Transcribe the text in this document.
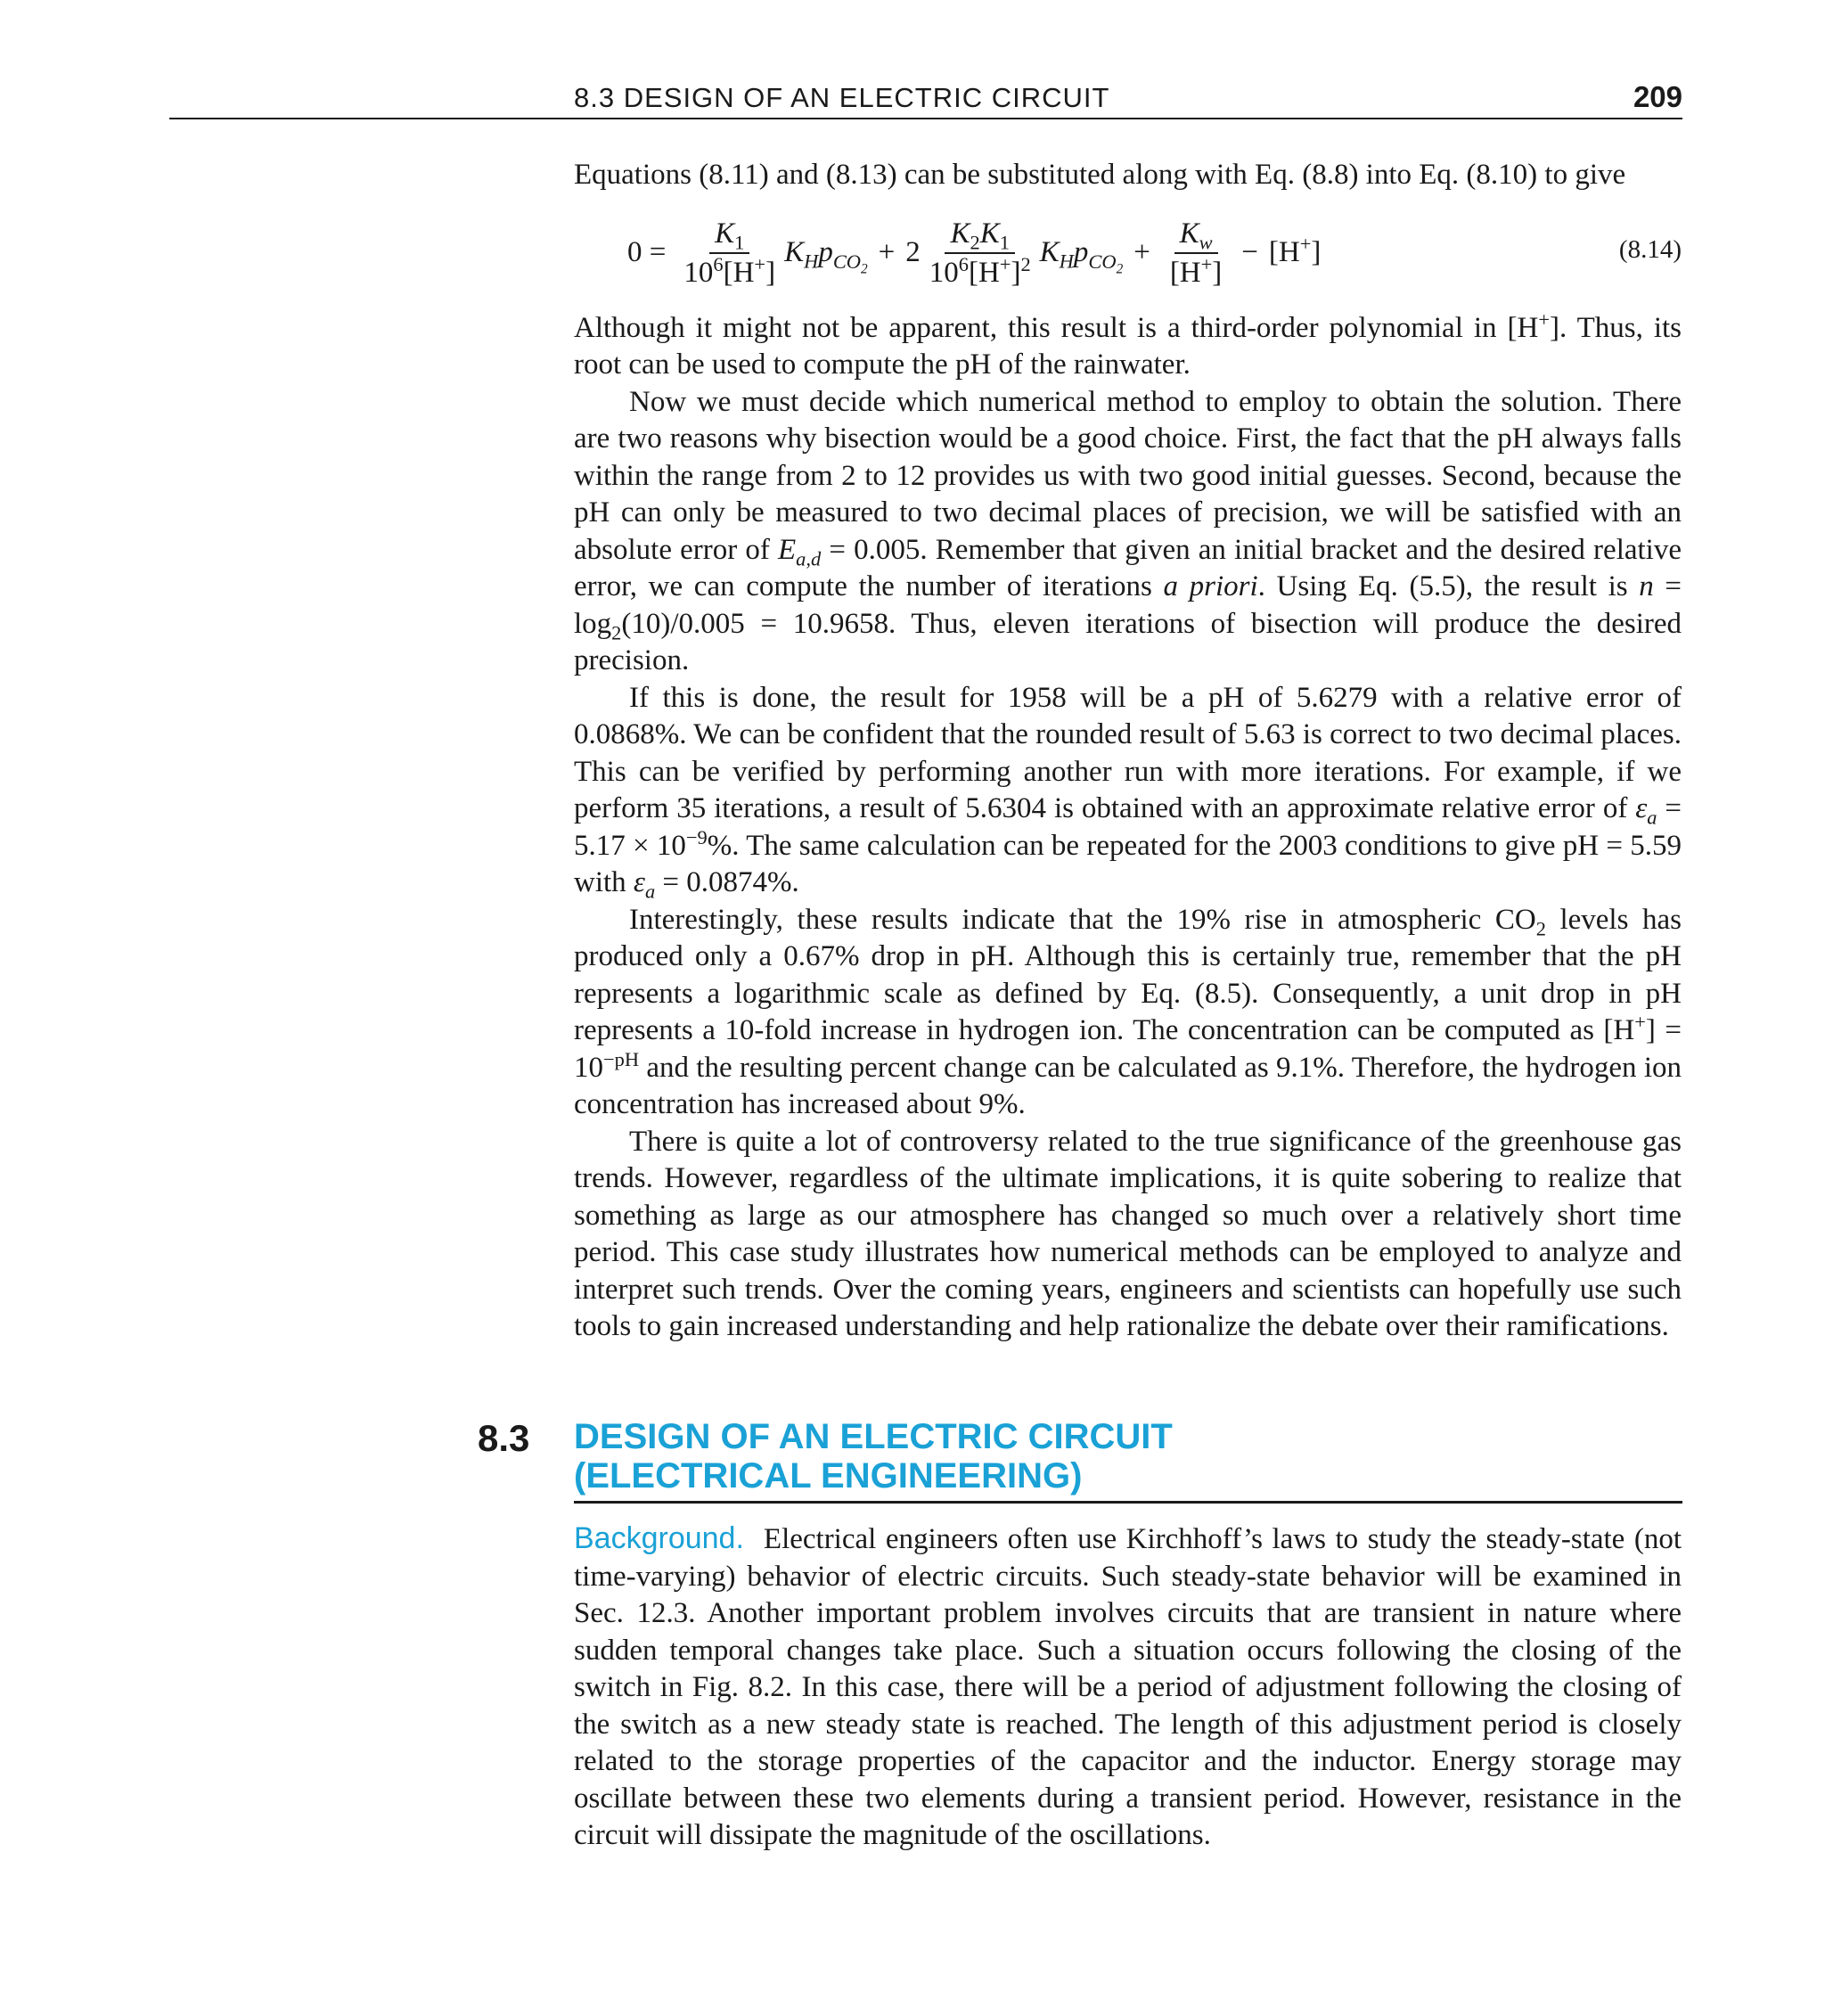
8.3 DESIGN OF AN ELECTRIC CIRCUIT	209

Equations (8.11) and (8.13) can be substituted along with Eq. (8.8) into Eq. (8.10) to give

$0 = \frac{K_1}{10^6[H^+]} K_Hp_{CO_2}$
+ $2 \frac{K_2K_1}{10^6[H^+]^2} K_Hp_{CO_2}$
+ $\frac{K_w}{[H^+]} - [H^+]$	(8.14)

Although it might not be apparent, this result is a third-order polynomial in [H+]. Thus, its root can be used to compute the pH of the rainwater.

Now we must decide which numerical method to employ to obtain the solution. There are two reasons why bisection would be a good choice. First, the fact that the pH always falls within the range from 2 to 12 provides us with two good initial guesses. Second, because the pH can only be measured to two decimal places of precision, we will be satisfied with an absolute error of $E_{a,d} = 0.005$. Remember that given an initial bracket and the desired relative error, we can compute the number of iterations a priori. Using Eq. (5.5), the result is $n = \log_2(10)/0.005 = 10.9658$. Thus, eleven iterations of bisection will produce the desired precision.

If this is done, the result for 1958 will be a pH of 5.6279 with a relative error of 0.0868%. We can be confident that the rounded result of 5.63 is correct to two decimal places. This can be verified by performing another run with more iterations. For example, if we perform 35 iterations, a result of 5.6304 is obtained with an approximate relative error of $\varepsilon_a = 5.17 \times 10^{-9}\%$. The same calculation can be repeated for the 2003 conditions to give pH = 5.59 with $\varepsilon_a = 0.0874\%$.

Interestingly, these results indicate that the 19% rise in atmospheric $CO_2$ levels has produced only a 0.67% drop in pH. Although this is certainly true, remember that the pH represents a logarithmic scale as defined by Eq. (8.5). Consequently, a unit drop in pH represents a 10-fold increase in hydrogen ion. The concentration can be computed as $[H^+] = 10^{-pH}$ and the resulting percent change can be calculated as 9.1%. Therefore, the hydrogen ion concentration has increased about 9%.

There is quite a lot of controversy related to the true significance of the greenhouse gas trends. However, regardless of the ultimate implications, it is quite sobering to realize that something as large as our atmosphere has changed so much over a relatively short time period. This case study illustrates how numerical methods can be employed to analyze and interpret such trends. Over the coming years, engineers and scientists can hopefully use such tools to gain increased understanding and help rationalize the debate over their ramifications.

8.3 DESIGN OF AN ELECTRIC CIRCUIT
(ELECTRICAL ENGINEERING)

Background. Electrical engineers often use Kirchhoff’s laws to study the steady-state (not time-varying) behavior of electric circuits. Such steady-state behavior will be examined in Sec. 12.3. Another important problem involves circuits that are transient in nature where sudden temporal changes take place. Such a situation occurs following the closing of the switch in Fig. 8.2. In this case, there will be a period of adjustment following the closing of the switch as a new steady state is reached. The length of this adjustment period is closely related to the storage properties of the capacitor and the inductor. Energy storage may oscillate between these two elements during a transient period. However, resistance in the circuit will dissipate the magnitude of the oscillations.
